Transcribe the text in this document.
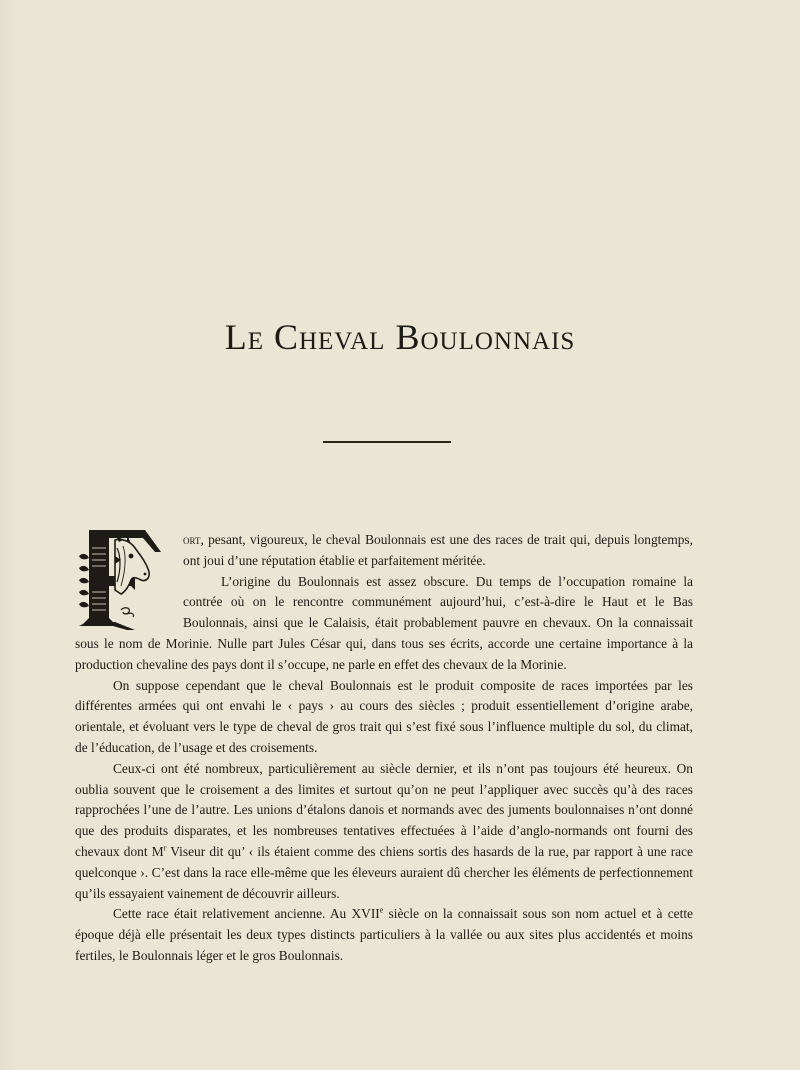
Le Cheval Boulonnais

ort, pesant, vigoureux, le cheval Boulonnais est une des races de trait qui, depuis longtemps, ont joui d’une réputation établie et parfaitement méritée.

L’origine du Boulonnais est assez obscure. Du temps de l’occupation romaine la contrée où on le rencontre communément aujourd’hui, c’est-à-dire le Haut et le Bas Boulonnais, ainsi que le Calaisis, était probablement pauvre en chevaux. On la connaissait sous le nom de Morinie. Nulle part Jules César qui, dans tous ses écrits, accorde une certaine importance à la production chevaline des pays dont il s’occupe, ne parle en effet des chevaux de la Morinie.

On suppose cependant que le cheval Boulonnais est le produit composite de races importées par les différentes armées qui ont envahi le ‹ pays › au cours des siècles ; produit essentiellement d’origine arabe, orientale, et évoluant vers le type de cheval de gros trait qui s’est fixé sous l’influence multiple du sol, du climat, de l’éducation, de l’usage et des croisements.

Ceux-ci ont été nombreux, particulièrement au siècle dernier, et ils n’ont pas toujours été heureux. On oublia souvent que le croisement a des limites et surtout qu’on ne peut l’appliquer avec succès qu’à des races rapprochées l’une de l’autre. Les unions d’étalons danois et normands avec des juments boulonnaises n’ont donné que des produits disparates, et les nombreuses tentatives effectuées à l’aide d’anglo-normands ont fourni des chevaux dont $M^r$ Viseur dit qu’ ‹ ils étaient comme des chiens sortis des hasards de la rue, par rapport à une race quelconque ›. C’est dans la race elle-même que les éleveurs auraient dû chercher les éléments de perfectionnement qu’ils essayaient vainement de découvrir ailleurs.

Cette race était relativement ancienne. Au XVIIe siècle on la connaissait sous son nom actuel et à cette époque déjà elle présentait les deux types distincts particuliers à la vallée ou aux sites plus accidentés et moins fertiles, le Boulonnais léger et le gros Boulonnais.
